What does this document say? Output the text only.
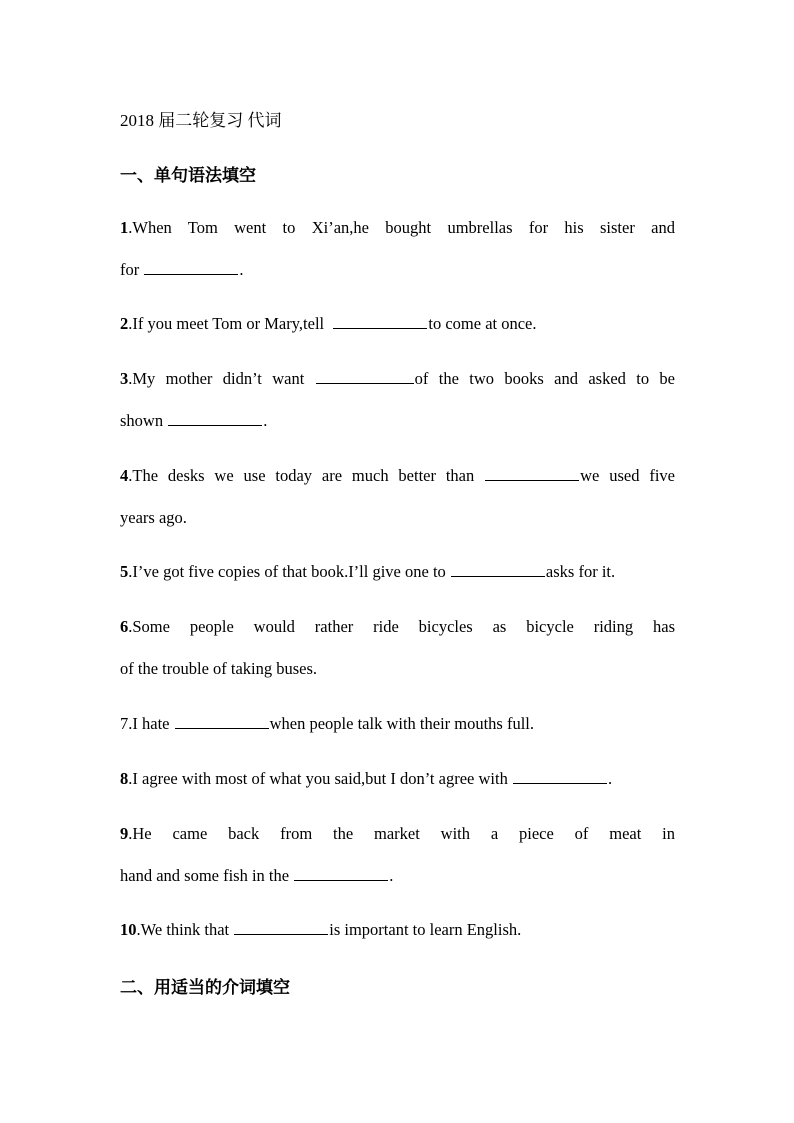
2018 届二轮复习 代词
一、单句语法填空
1.When Tom went to Xi’an,he bought umbrellas for his sister and
for	.
2.If you meet Tom or Mary,tell	to come at once.
3.My mother didn’t want	of the two books and asked to be
shown	.
4.The desks we use today are much better than	we used five
years ago.
5.I’ve got five copies of that book.I’ll give one to	asks for it.
6.Some people would rather ride bicycles as bicycle riding has
of the trouble of taking buses.
7.I hate	when people talk with their mouths full.
8.I agree with most of what you said,but I don’t agree with	.
9.He came back from the market with a piece of meat in
hand and some fish in the	.
10.We think that	is important to learn English.
二、用适当的介词填空
